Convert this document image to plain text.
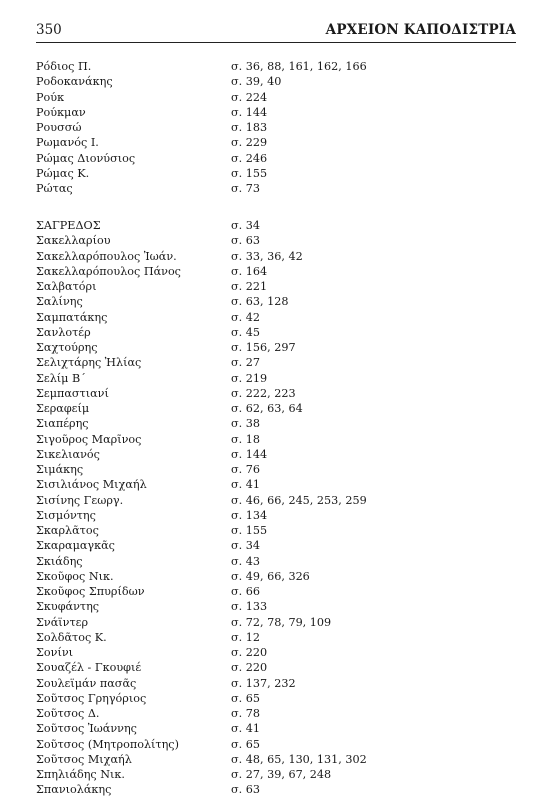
350	ΑΡΧΕΙΟΝ ΚΑΠΟΔΙΣΤΡΙΑ
Ρόδιος Π.	σ. 36, 88, 161, 162, 166
Ροδοκανάκης	σ. 39, 40
Ρούκ	σ. 224
Ρούκμαν	σ. 144
Ρουσσώ	σ. 183
Ρωμανός Ι.	σ. 229
Ρώμας Διονύσιος	σ. 246
Ρώμας Κ.	σ. 155
Ρώτας	σ. 73
ΣΑΓΡΕΔΟΣ	σ. 34
Σακελλαρίου	σ. 63
Σακελλαρόπουλος Ἰωάν.	σ. 33, 36, 42
Σακελλαρόπουλος Πάνος	σ. 164
Σαλβατόρι	σ. 221
Σαλίνης	σ. 63, 128
Σαμπατάκης	σ. 42
Σανλοτέρ	σ. 45
Σαχτούρης	σ. 156, 297
Σελιχτάρης Ἠλίας	σ. 27
Σελίμ Β΄	σ. 219
Σεμπαστιανί	σ. 222, 223
Σεραφείμ	σ. 62, 63, 64
Σιαπέρης	σ. 38
Σιγοῦρος Μαρῖνος	σ. 18
Σικελιανός	σ. 144
Σιμάκης	σ. 76
Σισιλιάνος Μιχαήλ	σ. 41
Σισίνης Γεωργ.	σ. 46, 66, 245, 253, 259
Σισμόντης	σ. 134
Σκαρλᾶτος	σ. 155
Σκαραμαγκᾶς	σ. 34
Σκιάδης	σ. 43
Σκοῦφος Νικ.	σ. 49, 66, 326
Σκοῦφος Σπυρίδων	σ. 66
Σκυφάντης	σ. 133
Σνάϊντερ	σ. 72, 78, 79, 109
Σολδᾶτος Κ.	σ. 12
Σονίνι	σ. 220
Σουαζέλ - Γκουφιέ	σ. 220
Σουλεϊμάν πασᾶς	σ. 137, 232
Σοῦτσος Γρηγόριος	σ. 65
Σοῦτσος Δ.	σ. 78
Σοῦτσος Ἰωάννης	σ. 41
Σοῦτσος (Μητροπολίτης)	σ. 65
Σοῦτσος Μιχαήλ	σ. 48, 65, 130, 131, 302
Σπηλιάδης Νικ.	σ. 27, 39, 67, 248
Σπανιολάκης	σ. 63
